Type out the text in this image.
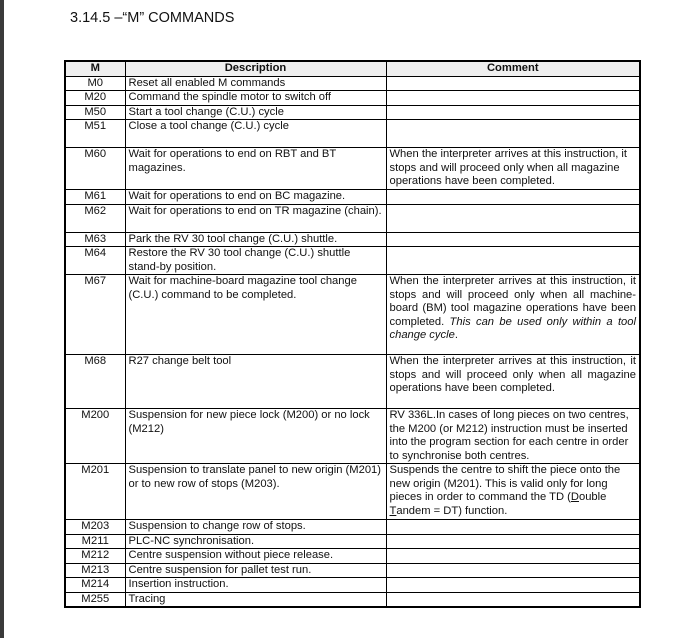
3.14.5 –“M” COMMANDS
M	Description	Comment
M0	Reset all enabled M commands	
M20	Command the spindle motor to switch off	
M50	Start a tool change (C.U.) cycle	
M51	Close a tool change (C.U.) cycle	
M60	Wait for operations to end on RBT and BT magazines.	When the interpreter arrives at this instruction, it stops and will proceed only when all magazine operations have been completed.
M61	Wait for operations to end on BC magazine.	
M62	Wait for operations to end on TR magazine (chain).	
M63	Park the RV 30 tool change (C.U.) shuttle.	
M64	Restore the RV 30 tool change (C.U.) shuttle stand-by position.	
M67	Wait for machine-board magazine tool change (C.U.) command to be completed.	When the interpreter arrives at this instruction, it stops and will proceed only when all machine-board (BM) tool magazine operations have been completed. This can be used only within a tool change cycle.
M68	R27 change belt tool	When the interpreter arrives at this instruction, it stops and will proceed only when all magazine operations have been completed.
M200	Suspension for new piece lock (M200) or no lock (M212)	RV 336L.In cases of long pieces on two centres, the M200 (or M212) instruction must be inserted into the program section for each centre in order to synchronise both centres.
M201	Suspension to translate panel to new origin (M201) or to new row of stops (M203).	Suspends the centre to shift the piece onto the new origin (M201). This is valid only for long pieces in order to command the TD (Double Tandem = DT) function.
M203	Suspension to change row of stops.	
M211	PLC-NC synchronisation.	
M212	Centre suspension without piece release.	
M213	Centre suspension for pallet test run.	
M214	Insertion instruction.	
M255	Tracing	
